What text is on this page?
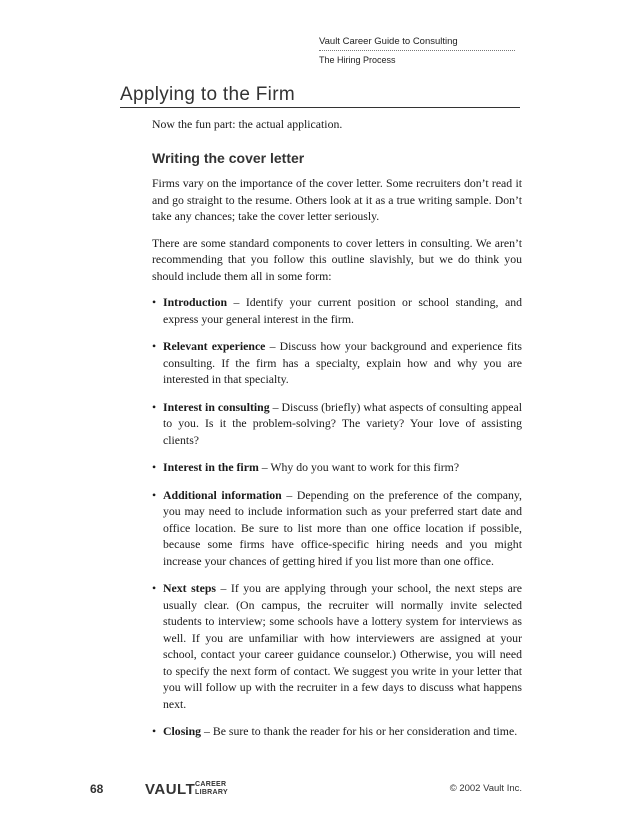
Vault Career Guide to Consulting
The Hiring Process
Applying to the Firm

Now the fun part: the actual application.

Writing the cover letter

Firms vary on the importance of the cover letter. Some recruiters don’t read it and go straight to the resume. Others look at it as a true writing sample. Don’t take any chances; take the cover letter seriously.

There are some standard components to cover letters in consulting. We aren’t recommending that you follow this outline slavishly, but we do think you should include them all in some form:

• Introduction – Identify your current position or school standing, and express your general interest in the firm.
• Relevant experience – Discuss how your background and experience fits consulting. If the firm has a specialty, explain how and why you are interested in that specialty.
• Interest in consulting – Discuss (briefly) what aspects of consulting appeal to you. Is it the problem-solving? The variety? Your love of assisting clients?
• Interest in the firm – Why do you want to work for this firm?
• Additional information – Depending on the preference of the company, you may need to include information such as your preferred start date and office location. Be sure to list more than one office location if possible, because some firms have office-specific hiring needs and you might increase your chances of getting hired if you list more than one office.
• Next steps – If you are applying through your school, the next steps are usually clear. (On campus, the recruiter will normally invite selected students to interview; some schools have a lottery system for interviews as well. If you are unfamiliar with how interviewers are assigned at your school, contact your career guidance counselor.) Otherwise, you will need to specify the next form of contact. We suggest you write in your letter that you will follow up with the recruiter in a few days to discuss what happens next.
• Closing – Be sure to thank the reader for his or her consideration and time.
68	VAULT CAREER
LIBRARY	© 2002 Vault Inc.
